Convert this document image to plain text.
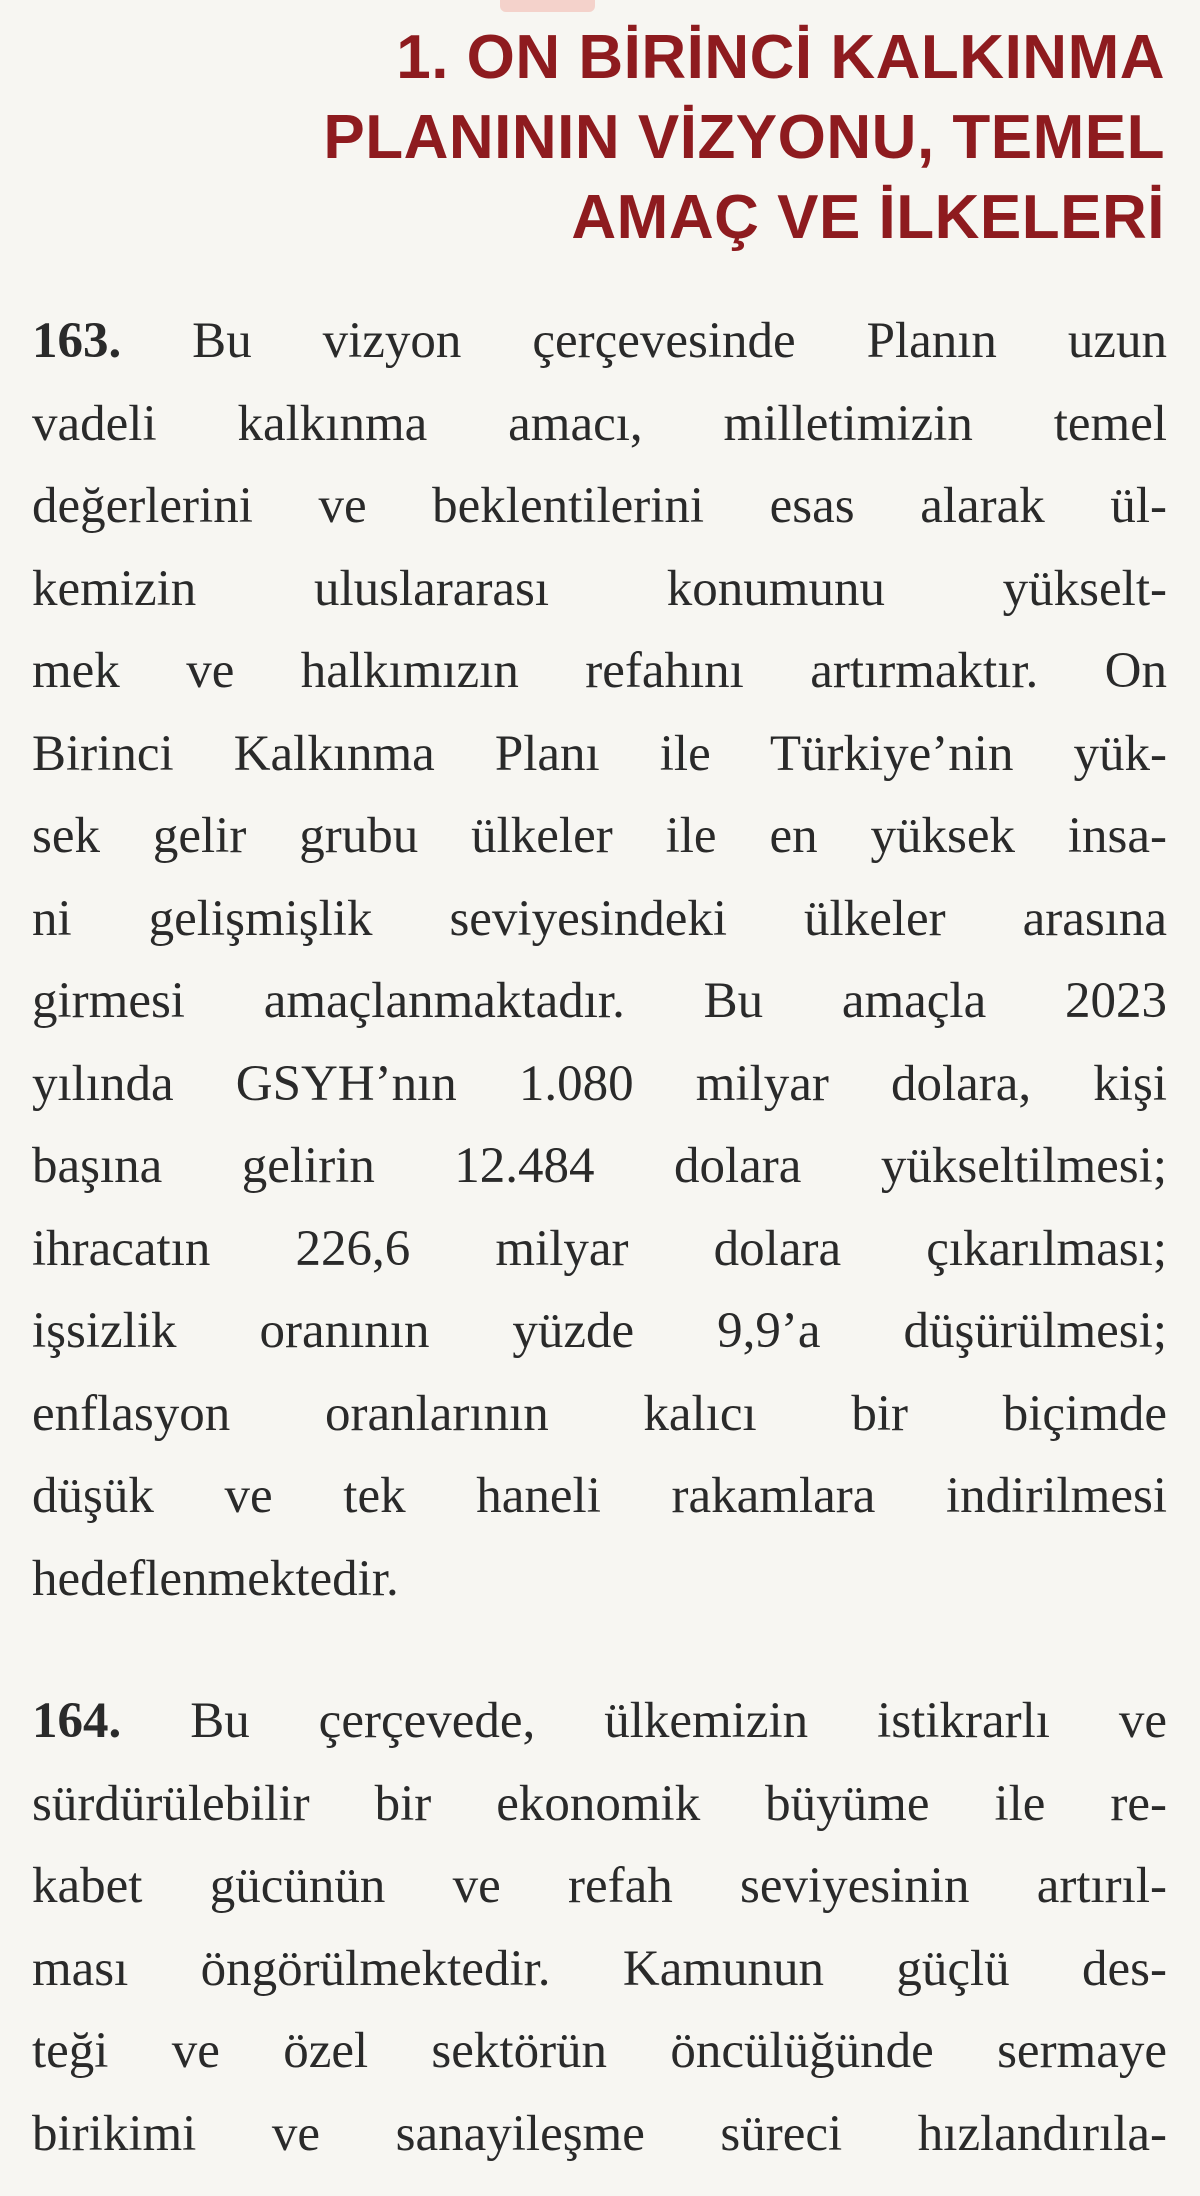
1. ON BİRİNCİ KALKINMA
PLANININ VİZYONU, TEMEL
AMAÇ VE İLKELERİ

163. Bu vizyon çerçevesinde Planın uzun
vadeli kalkınma amacı, milletimizin temel
değerlerini ve beklentilerini esas alarak ül-
kemizin uluslararası konumunu yükselt-
mek ve halkımızın refahını artırmaktır. On
Birinci Kalkınma Planı ile Türkiye’nin yük-
sek gelir grubu ülkeler ile en yüksek insa-
ni gelişmişlik seviyesindeki ülkeler arasına
girmesi amaçlanmaktadır. Bu amaçla 2023
yılında GSYH’nın 1.080 milyar dolara, kişi
başına gelirin 12.484 dolara yükseltilmesi;
ihracatın 226,6 milyar dolara çıkarılması;
işsizlik oranının yüzde 9,9’a düşürülmesi;
enflasyon oranlarının kalıcı bir biçimde
düşük ve tek haneli rakamlara indirilmesi
hedeflenmektedir.

164. Bu çerçevede, ülkemizin istikrarlı ve
sürdürülebilir bir ekonomik büyüme ile re-
kabet gücünün ve refah seviyesinin artırıl-
ması öngörülmektedir. Kamunun güçlü des-
teği ve özel sektörün öncülüğünde sermaye
birikimi ve sanayileşme süreci hızlandırıla-
